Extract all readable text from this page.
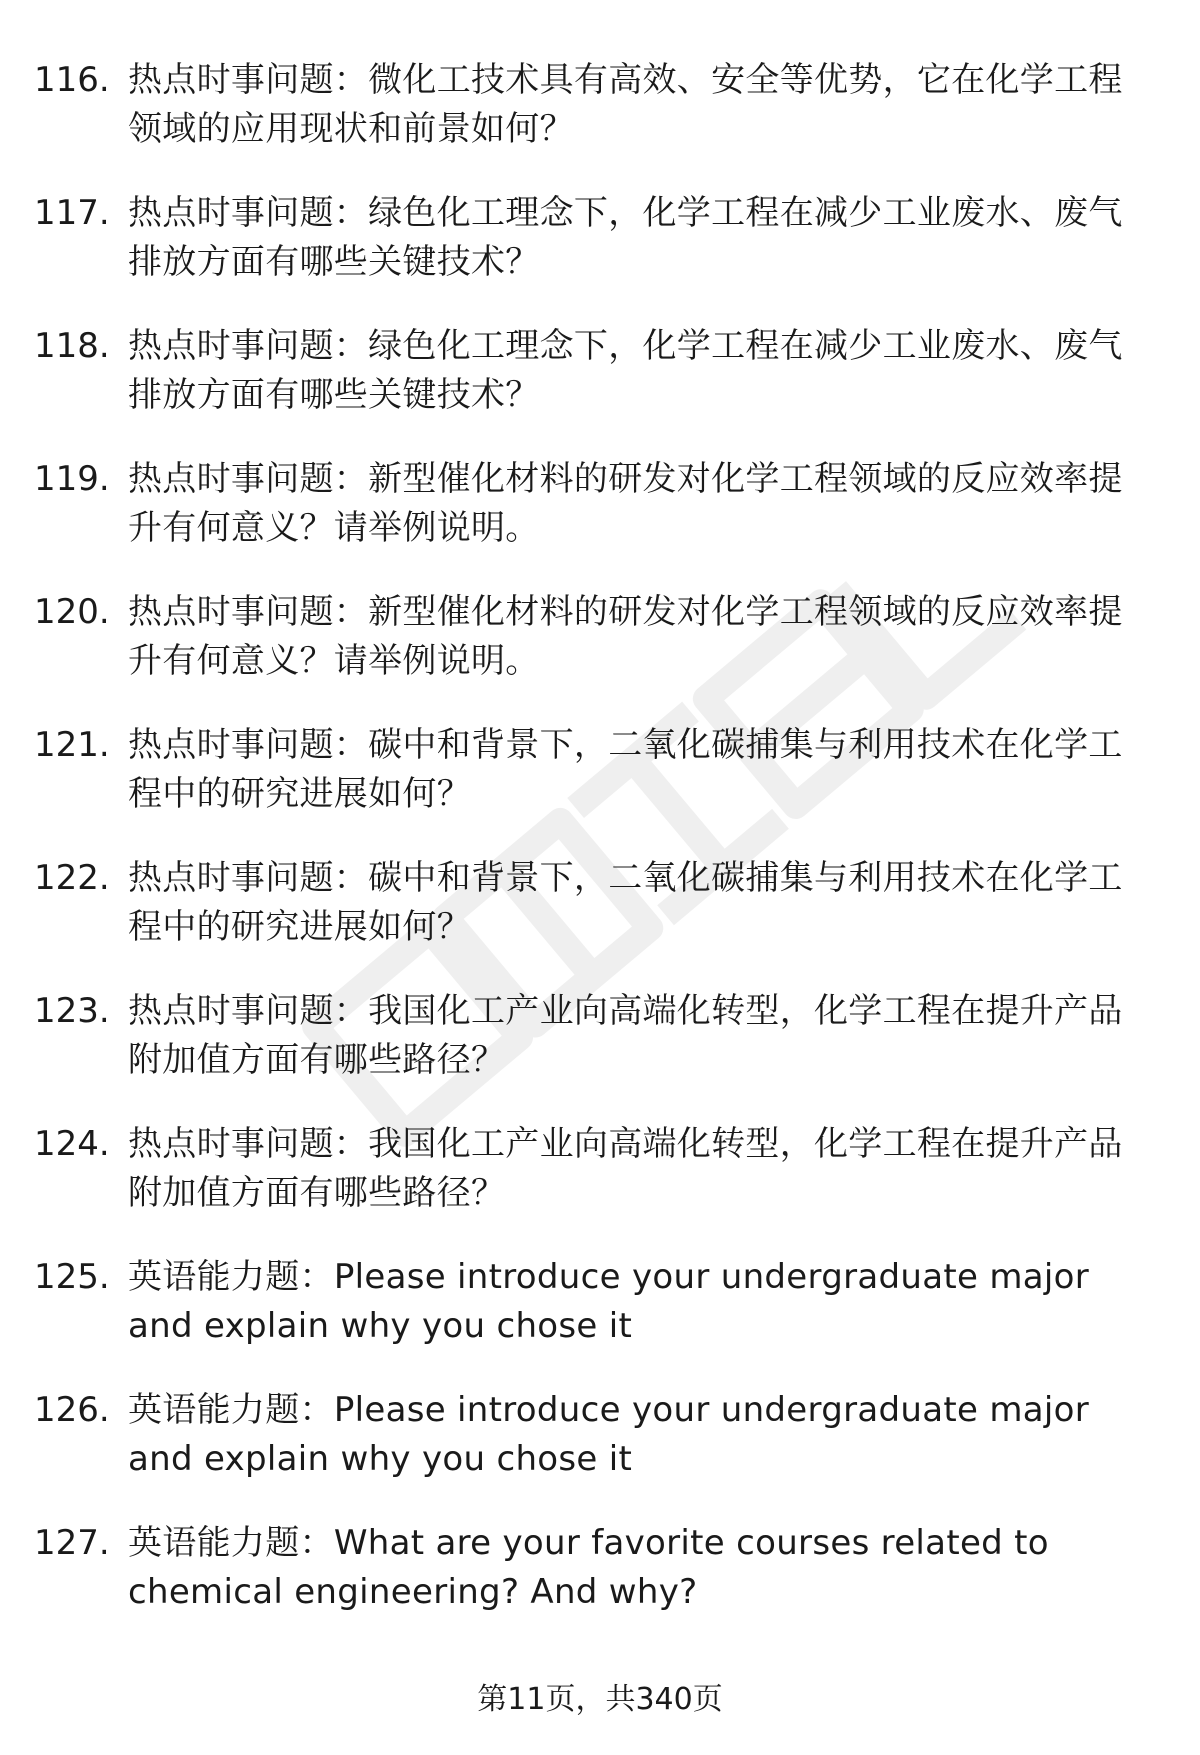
116. 热点时事问题：微化工技术具有高效、安全等优势，它在化学工程领域的应用现状和前景如何？
117. 热点时事问题：绿色化工理念下，化学工程在减少工业废水、废气排放方面有哪些关键技术？
118. 热点时事问题：绿色化工理念下，化学工程在减少工业废水、废气排放方面有哪些关键技术？
119. 热点时事问题：新型催化材料的研发对化学工程领域的反应效率提升有何意义？请举例说明。
120. 热点时事问题：新型催化材料的研发对化学工程领域的反应效率提升有何意义？请举例说明。
121. 热点时事问题：碳中和背景下，二氧化碳捕集与利用技术在化学工程中的研究进展如何？
122. 热点时事问题：碳中和背景下，二氧化碳捕集与利用技术在化学工程中的研究进展如何？
123. 热点时事问题：我国化工产业向高端化转型，化学工程在提升产品附加值方面有哪些路径？
124. 热点时事问题：我国化工产业向高端化转型，化学工程在提升产品附加值方面有哪些路径？
125. 英语能力题：Please introduce your undergraduate major and explain why you chose it
126. 英语能力题：Please introduce your undergraduate major and explain why you chose it
127. 英语能力题：What are your favorite courses related to chemical engineering? And why?
第11页，共340页
